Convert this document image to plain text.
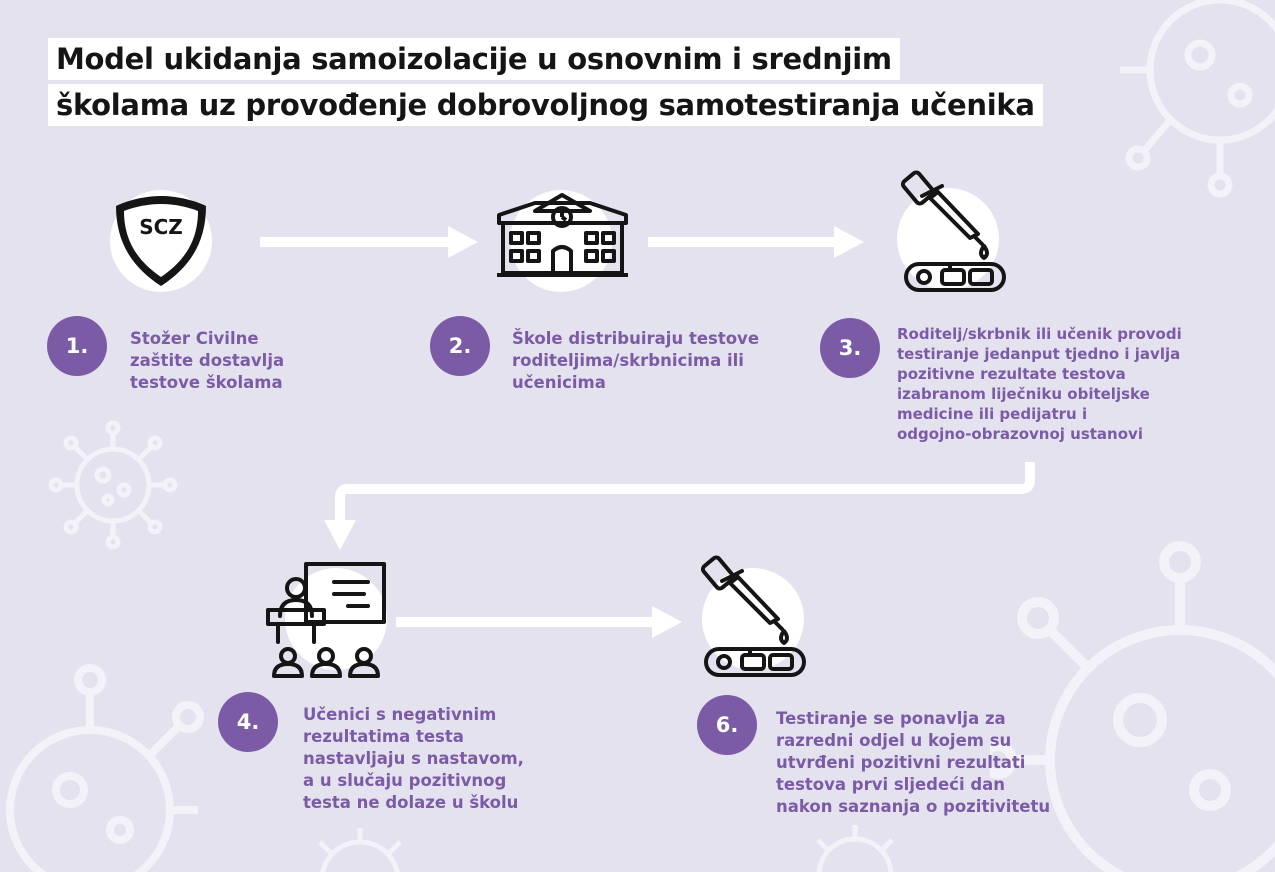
Model ukidanja samoizolacije u osnovnim i srednjim
školama uz provođenje dobrovoljnog samotestiranja učenika
SCZ
1.	Stožer Civilne
zaštite dostavlja
testove školama
2.	Škole distribuiraju testove
roditeljima/skrbnicima ili
učenicima
3.
Roditelj/skrbnik ili učenik provodi
testiranje jedanput tjedno i javlja
pozitivne rezultate testova
izabranom liječniku obiteljske
medicine ili pedijatru i
odgojno-obrazovnoj ustanovi
4.	Učenici s negativnim
rezultatima testa
nastavljaju s nastavom,
a u slučaju pozitivnog
testa ne dolaze u školu
6.	Testiranje se ponavlja za
razredni odjel u kojem su
utvrđeni pozitivni rezultati
testova prvi sljedeći dan
nakon saznanja o pozitivitetu
